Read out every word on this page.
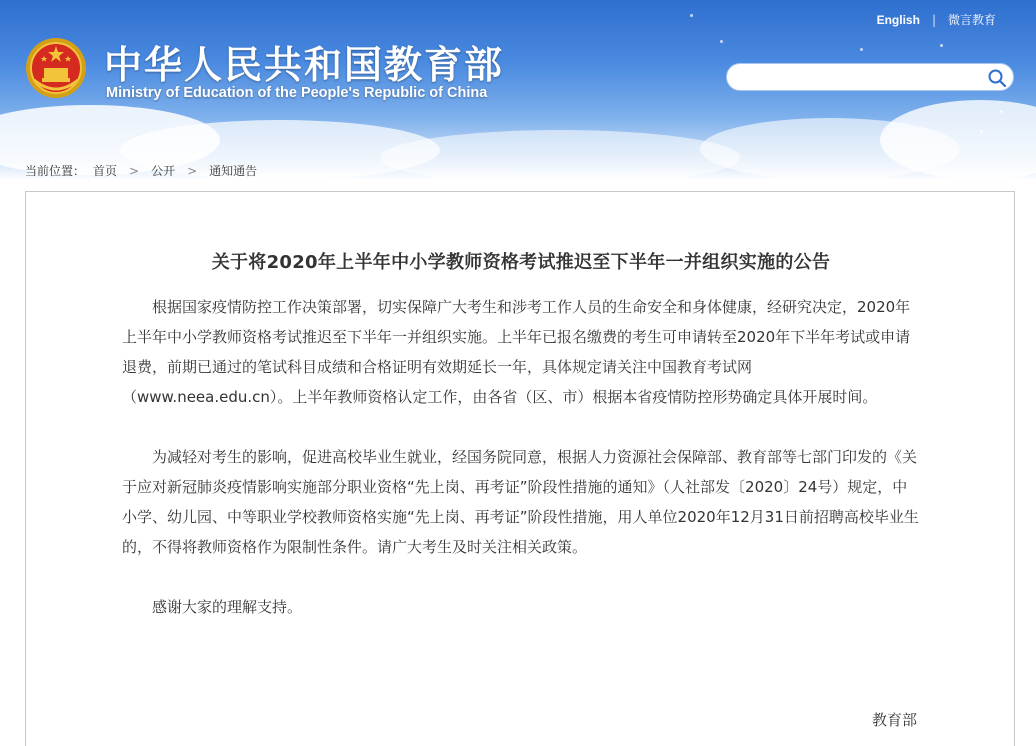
中华人民共和国教育部
Ministry of Education of the People's Republic of China
English | 微言教育
当前位置： 首页 > 公开 > 通知通告
关于将2020年上半年中小学教师资格考试推迟至下半年一并组织实施的公告

根据国家疫情防控工作决策部署，切实保障广大考生和涉考工作人员的生命安全和身体健康，经研究决定，2020年上半年中小学教师资格考试推迟至下半年一并组织实施。上半年已报名缴费的考生可申请转至2020年下半年考试或申请退费，前期已通过的笔试科目成绩和合格证明有效期延长一年，具体规定请关注中国教育考试网（www.neea.edu.cn）。上半年教师资格认定工作，由各省（区、市）根据本省疫情防控形势确定具体开展时间。

为减轻对考生的影响，促进高校毕业生就业，经国务院同意，根据人力资源社会保障部、教育部等七部门印发的《关于应对新冠肺炎疫情影响实施部分职业资格“先上岗、再考证”阶段性措施的通知》（人社部发〔2020〕24号）规定，中小学、幼儿园、中等职业学校教师资格实施“先上岗、再考证”阶段性措施，用人单位2020年12月31日前招聘高校毕业生的，不得将教师资格作为限制性条件。请广大考生及时关注相关政策。

感谢大家的理解支持。

教育部
